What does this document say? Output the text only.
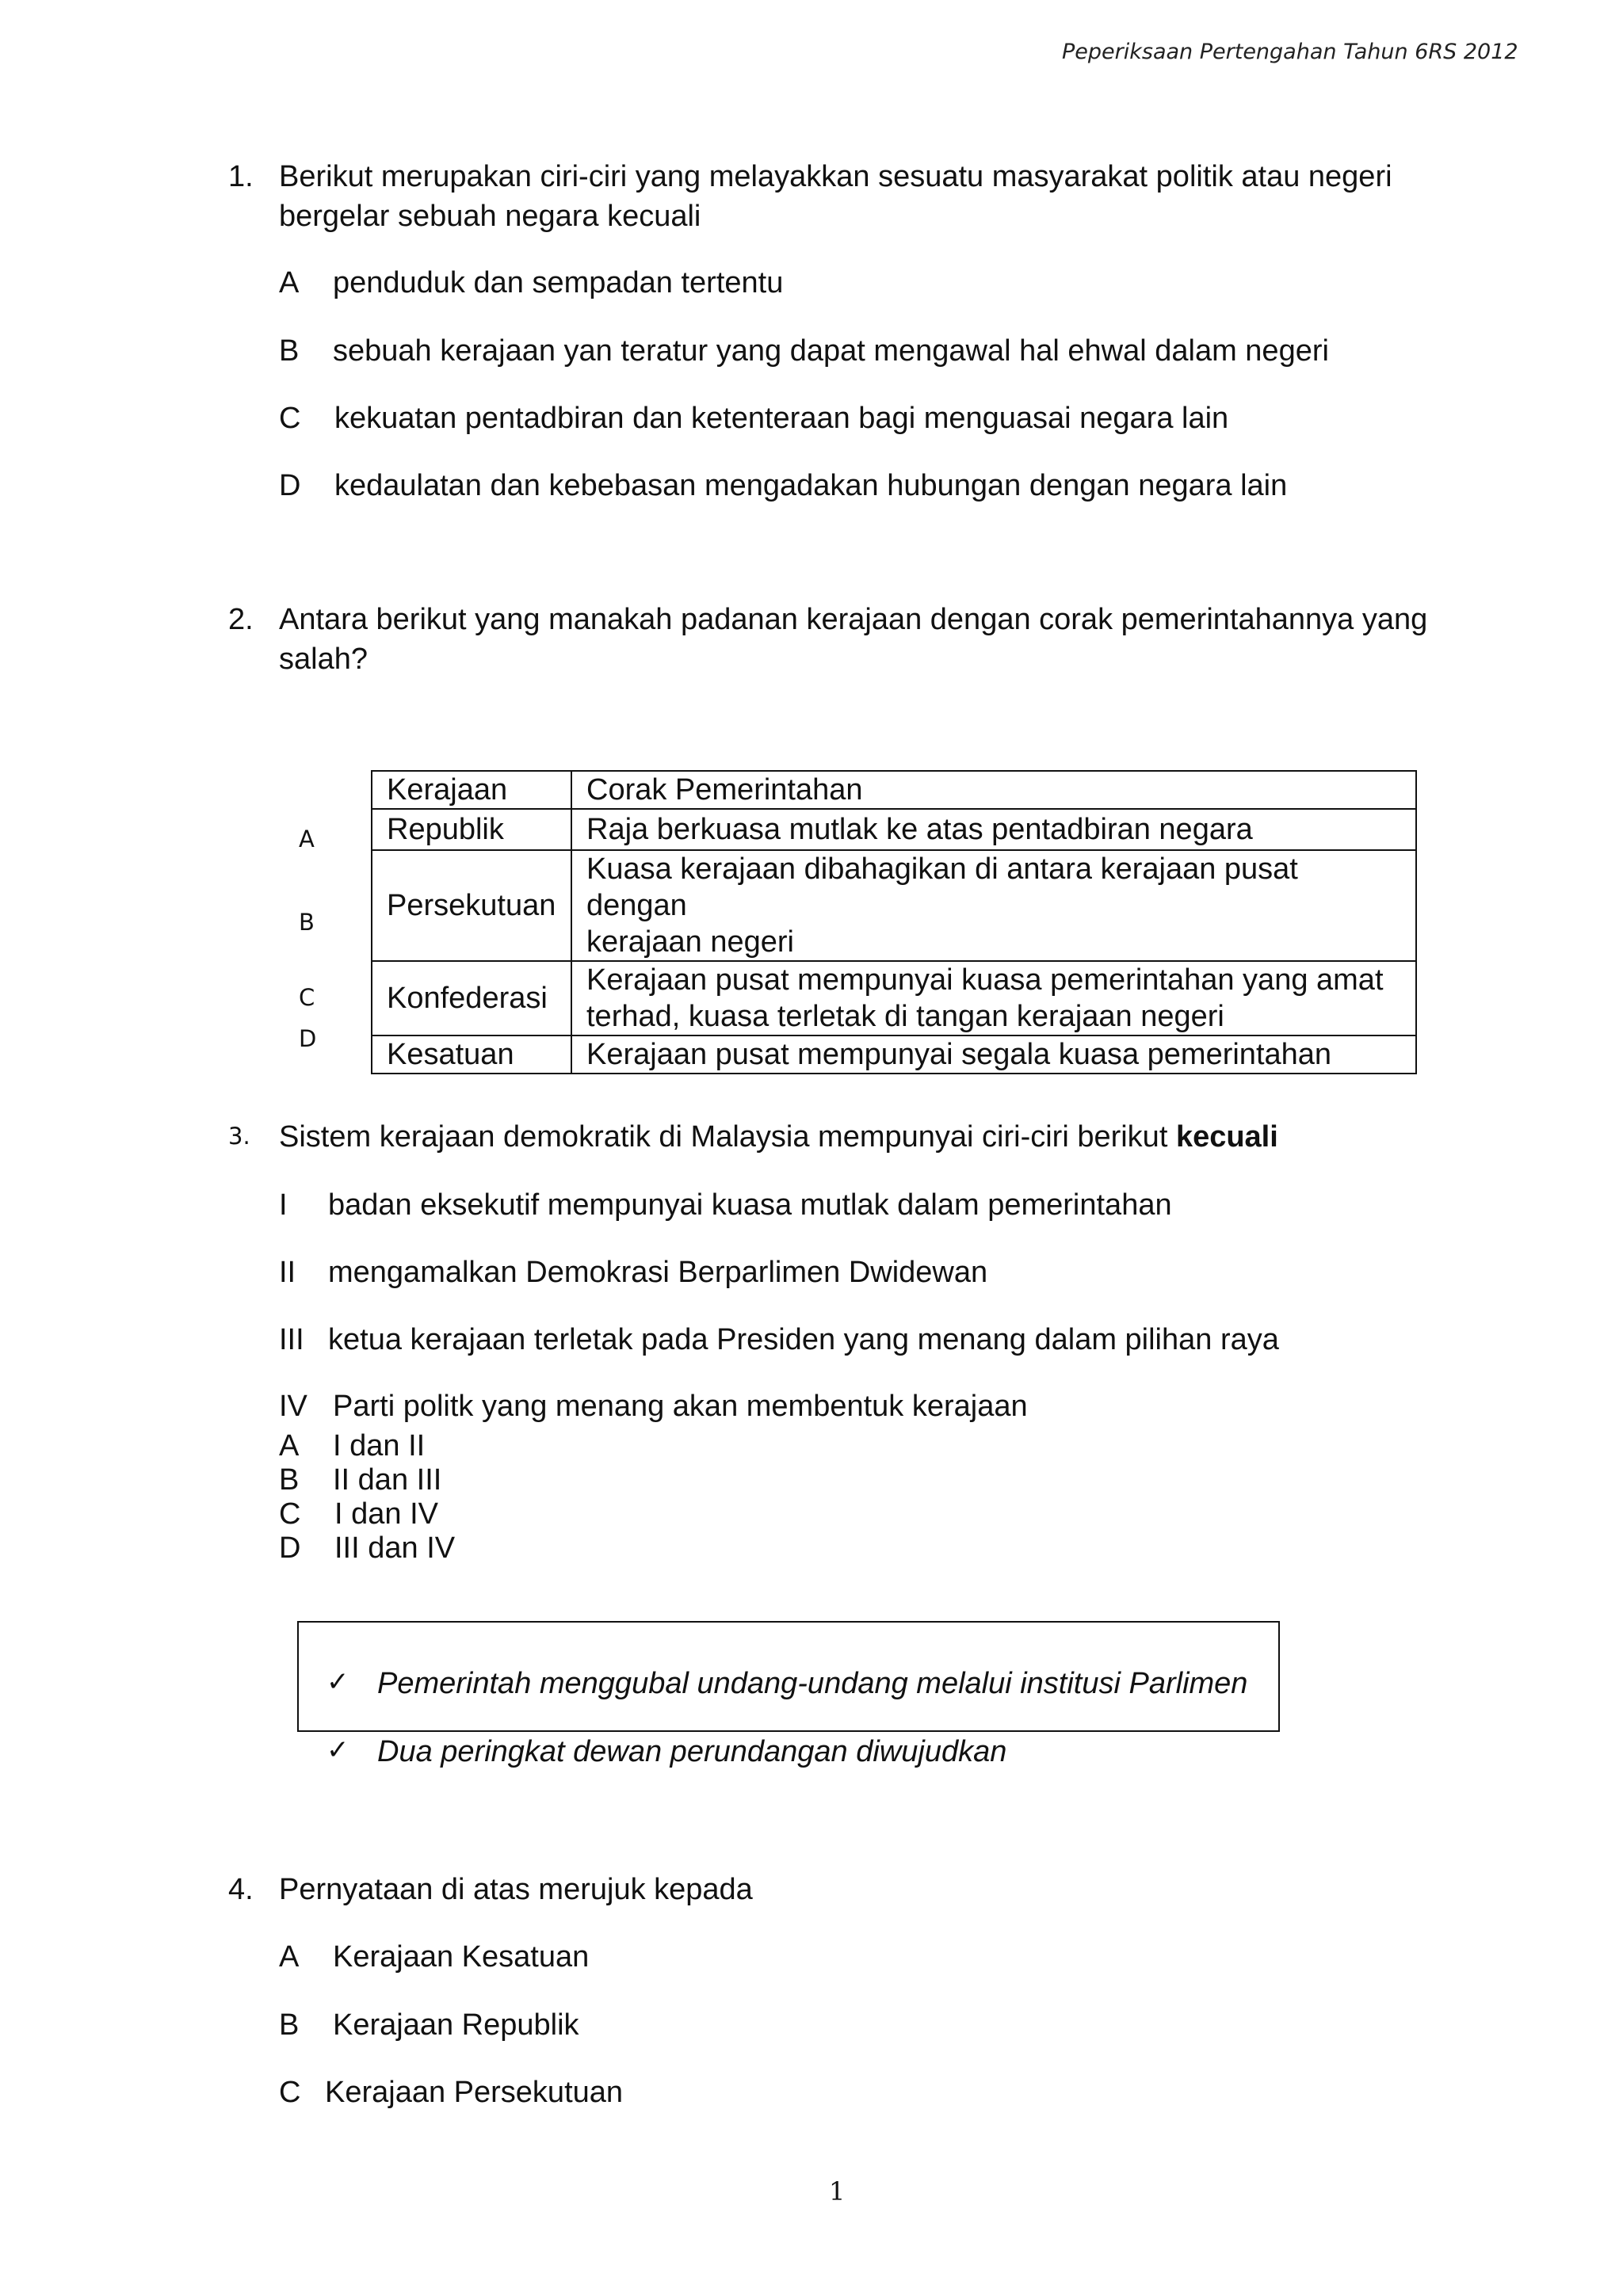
Peperiksaan Pertengahan Tahun 6RS 2012
1. Berikut merupakan ciri-ciri yang melayakkan sesuatu masyarakat politik atau negeri
bergelar sebuah negara kecuali
A penduduk dan sempadan tertentu
B sebuah kerajaan yan teratur yang dapat mengawal hal ehwal dalam negeri
C kekuatan pentadbiran dan ketenteraan bagi menguasai negara lain
D kedaulatan dan kebebasan mengadakan hubungan dengan negara lain
2. Antara berikut yang manakah padanan kerajaan dengan corak pemerintahannya yang
salah?
A
B
C
D
Kerajaan	Corak Pemerintahan
Republik	Raja berkuasa mutlak ke atas pentadbiran negara
Persekutuan	Kuasa kerajaan dibahagikan di antara kerajaan pusat dengan
kerajaan negeri

Konfederasi	Kerajaan pusat mempunyai kuasa pemerintahan yang amat
terhad, kuasa terletak di tangan kerajaan negeri

Kesatuan	Kerajaan pusat mempunyai segala kuasa pemerintahan
3. Sistem kerajaan demokratik di Malaysia mempunyai ciri-ciri berikut kecuali
I badan eksekutif mempunyai kuasa mutlak dalam pemerintahan
II mengamalkan Demokrasi Berparlimen Dwidewan
III ketua kerajaan terletak pada Presiden yang menang dalam pilihan raya
IV Parti politk yang menang akan membentuk kerajaan
A I dan II
B II dan III
C I dan IV
D III dan IV
✓ Pemerintah menggubal undang-undang melalui institusi Parlimen
✓ Dua peringkat dewan perundangan diwujudkan
4. Pernyataan di atas merujuk kepada
A Kerajaan Kesatuan
B Kerajaan Republik
C Kerajaan Persekutuan
1
